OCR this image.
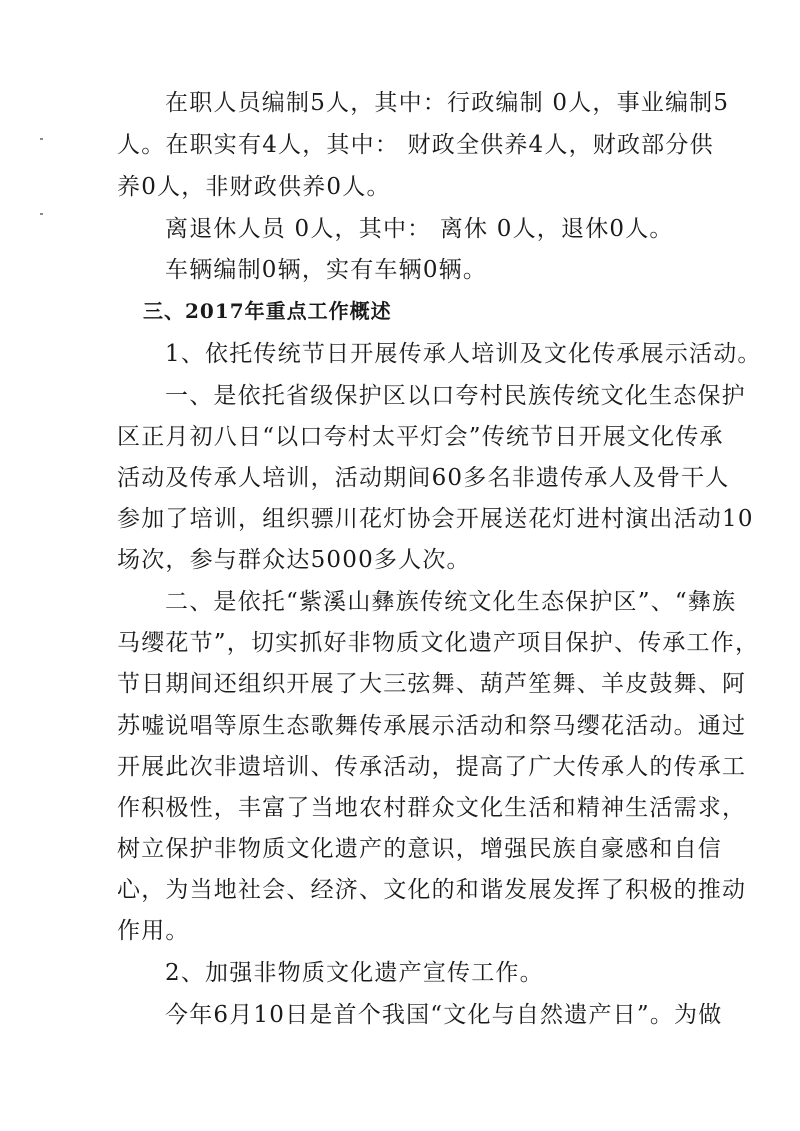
在职人员编制5人，其中：行政编制 0人，事业编制5
人。在职实有4人，其中： 财政全供养4人，财政部分供
养0人，非财政供养0人。
离退休人员 0人，其中： 离休 0人，退休0人。
车辆编制0辆，实有车辆0辆。
三、2017年重点工作概述
1、依托传统节日开展传承人培训及文化传承展示活动。
一、是依托省级保护区以口夸村民族传统文化生态保护
区正月初八日“以口夸村太平灯会”传统节日开展文化传承
活动及传承人培训，活动期间60多名非遗传承人及骨干人
参加了培训，组织骠川花灯协会开展送花灯进村演出活动10
场次，参与群众达5000多人次。
二、是依托“紫溪山彝族传统文化生态保护区”、“彝族
马缨花节”，切实抓好非物质文化遗产项目保护、传承工作，
节日期间还组织开展了大三弦舞、葫芦笙舞、羊皮鼓舞、阿
苏嘘说唱等原生态歌舞传承展示活动和祭马缨花活动。通过
开展此次非遗培训、传承活动，提高了广大传承人的传承工
作积极性，丰富了当地农村群众文化生活和精神生活需求，
树立保护非物质文化遗产的意识，增强民族自豪感和自信
心，为当地社会、经济、文化的和谐发展发挥了积极的推动
作用。
2、加强非物质文化遗产宣传工作。
今年6月10日是首个我国“文化与自然遗产日”。为做
